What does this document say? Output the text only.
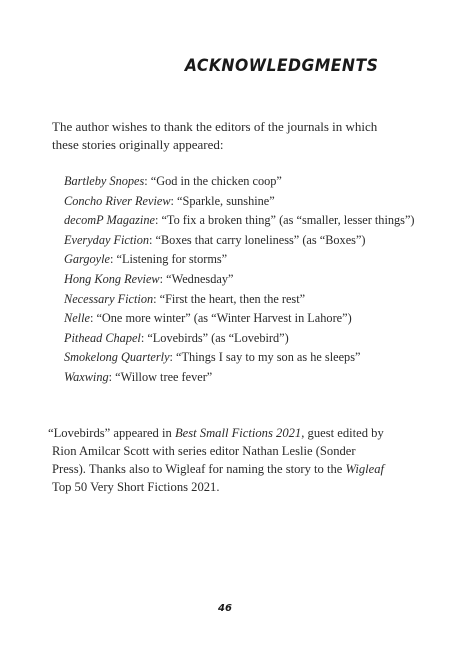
ACKNOWLEDGMENTS

The author wishes to thank the editors of the journals in which these stories originally appeared:

Bartleby Snopes: “God in the chicken coop”
Concho River Review: “Sparkle, sunshine”
decomP Magazine: “To fix a broken thing” (as “smaller, lesser things”)
Everyday Fiction: “Boxes that carry loneliness” (as “Boxes”)
Gargoyle: “Listening for storms”
Hong Kong Review: “Wednesday”
Necessary Fiction: “First the heart, then the rest”
Nelle: “One more winter” (as “Winter Harvest in Lahore”)
Pithead Chapel: “Lovebirds” (as “Lovebird”)
Smokelong Quarterly: “Things I say to my son as he sleeps”
Waxwing: “Willow tree fever”

“Lovebirds” appeared in Best Small Fictions 2021, guest edited by Rion Amilcar Scott with series editor Nathan Leslie (Sonder Press). Thanks also to Wigleaf for naming the story to the Wigleaf Top 50 Very Short Fictions 2021.

46
